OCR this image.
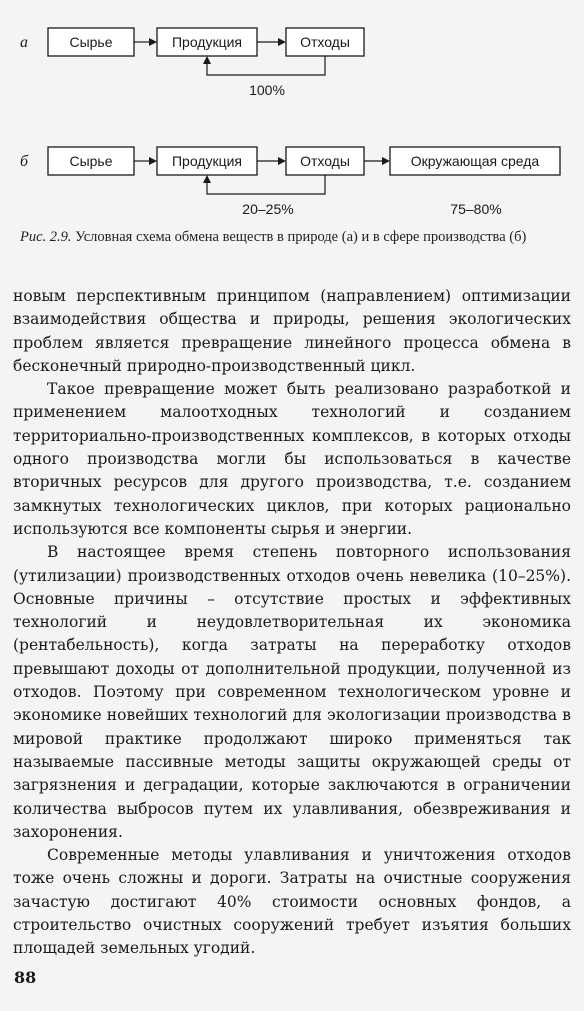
а	Сырье	Продукция	Отходы
100%
б	Сырье	Продукция	Отходы	Окружающая среда
20–25%	75–80%
Рис. 2.9. Условная схема обмена веществ в природе (а) и в сфере производства (б)

новым перспективным принципом (направлением) оптимизации взаимодействия общества и природы, решения экологических проблем является превращение линейного процесса обмена в бесконечный природно-производственный цикл.

Такое превращение может быть реализовано разработкой и применением малоотходных технологий и созданием территориально-производственных комплексов, в которых отходы одного производства могли бы использоваться в качестве вторичных ресурсов для другого производства, т.е. созданием замкнутых технологических циклов, при которых рационально используются все компоненты сырья и энергии.

В настоящее время степень повторного использования (утилизации) производственных отходов очень невелика (10–25%). Основные причины – отсутствие простых и эффективных технологий и неудовлетворительная их экономика (рентабельность), когда затраты на переработку отходов превышают доходы от дополнительной продукции, полученной из отходов. Поэтому при современном технологическом уровне и экономике новейших технологий для экологизации производства в мировой практике продолжают широко применяться так называемые пассивные методы защиты окружающей среды от загрязнения и деградации, которые заключаются в ограничении количества выбросов путем их улавливания, обезвреживания и захоронения.

Современные методы улавливания и уничтожения отходов тоже очень сложны и дороги. Затраты на очистные сооружения зачастую достигают 40% стоимости основных фондов, а строительство очистных сооружений требует изъятия больших площадей земельных угодий.

88
